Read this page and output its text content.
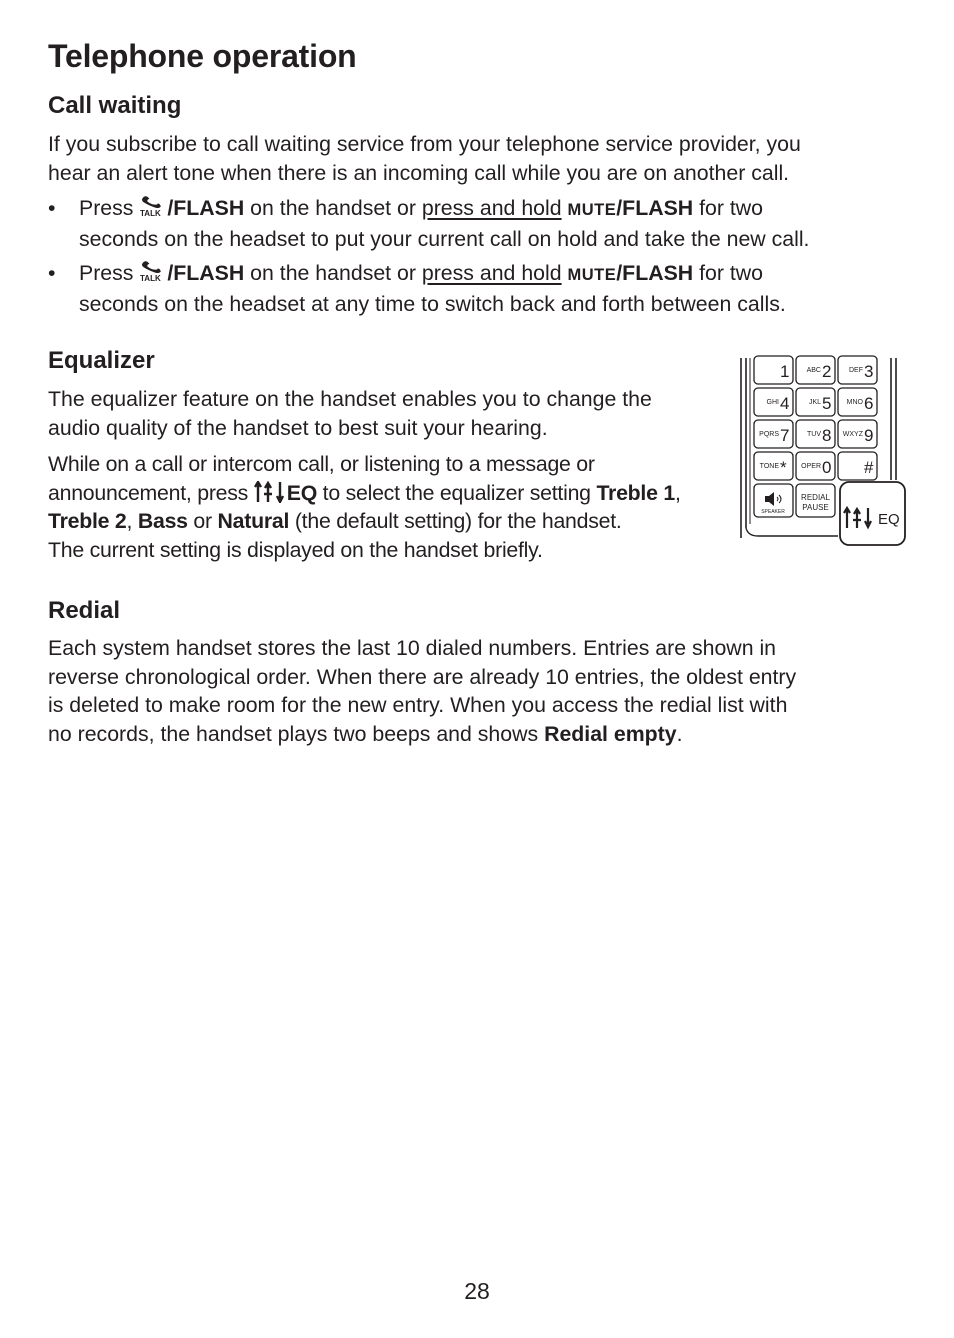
Telephone operation
Call waiting

If you subscribe to call waiting service from your telephone service provider, you
hear an alert tone when there is an incoming call while you are on another call.

• Press TALK /FLASH on the handset or press and hold MUTE/FLASH for two
seconds on the headset to put your current call on hold and take the new call.
• Press TALK /FLASH on the handset or press and hold MUTE/FLASH for two
seconds on the headset at any time to switch back and forth between calls.
Equalizer

The equalizer feature on the handset enables you to change the
audio quality of the handset to best suit your hearing.

While on a call or intercom call, or listening to a message or
announcement, press EQ to select the equalizer setting Treble 1,
Treble 2, Bass or Natural (the default setting) for the handset.
The current setting is displayed on the handset briefly.

1 ABC 2	DEF 3
GHI 4	JKL 5 MNO 6
PQRS 7	TUV 8 WXYZ 9
TONE * OPER 0 #
SPEAKER
REDIAL
PAUSE
EQ
Redial

Each system handset stores the last 10 dialed numbers. Entries are shown in
reverse chronological order. When there are already 10 entries, the oldest entry
is deleted to make room for the new entry. When you access the redial list with
no records, the handset plays two beeps and shows Redial empty.

28
